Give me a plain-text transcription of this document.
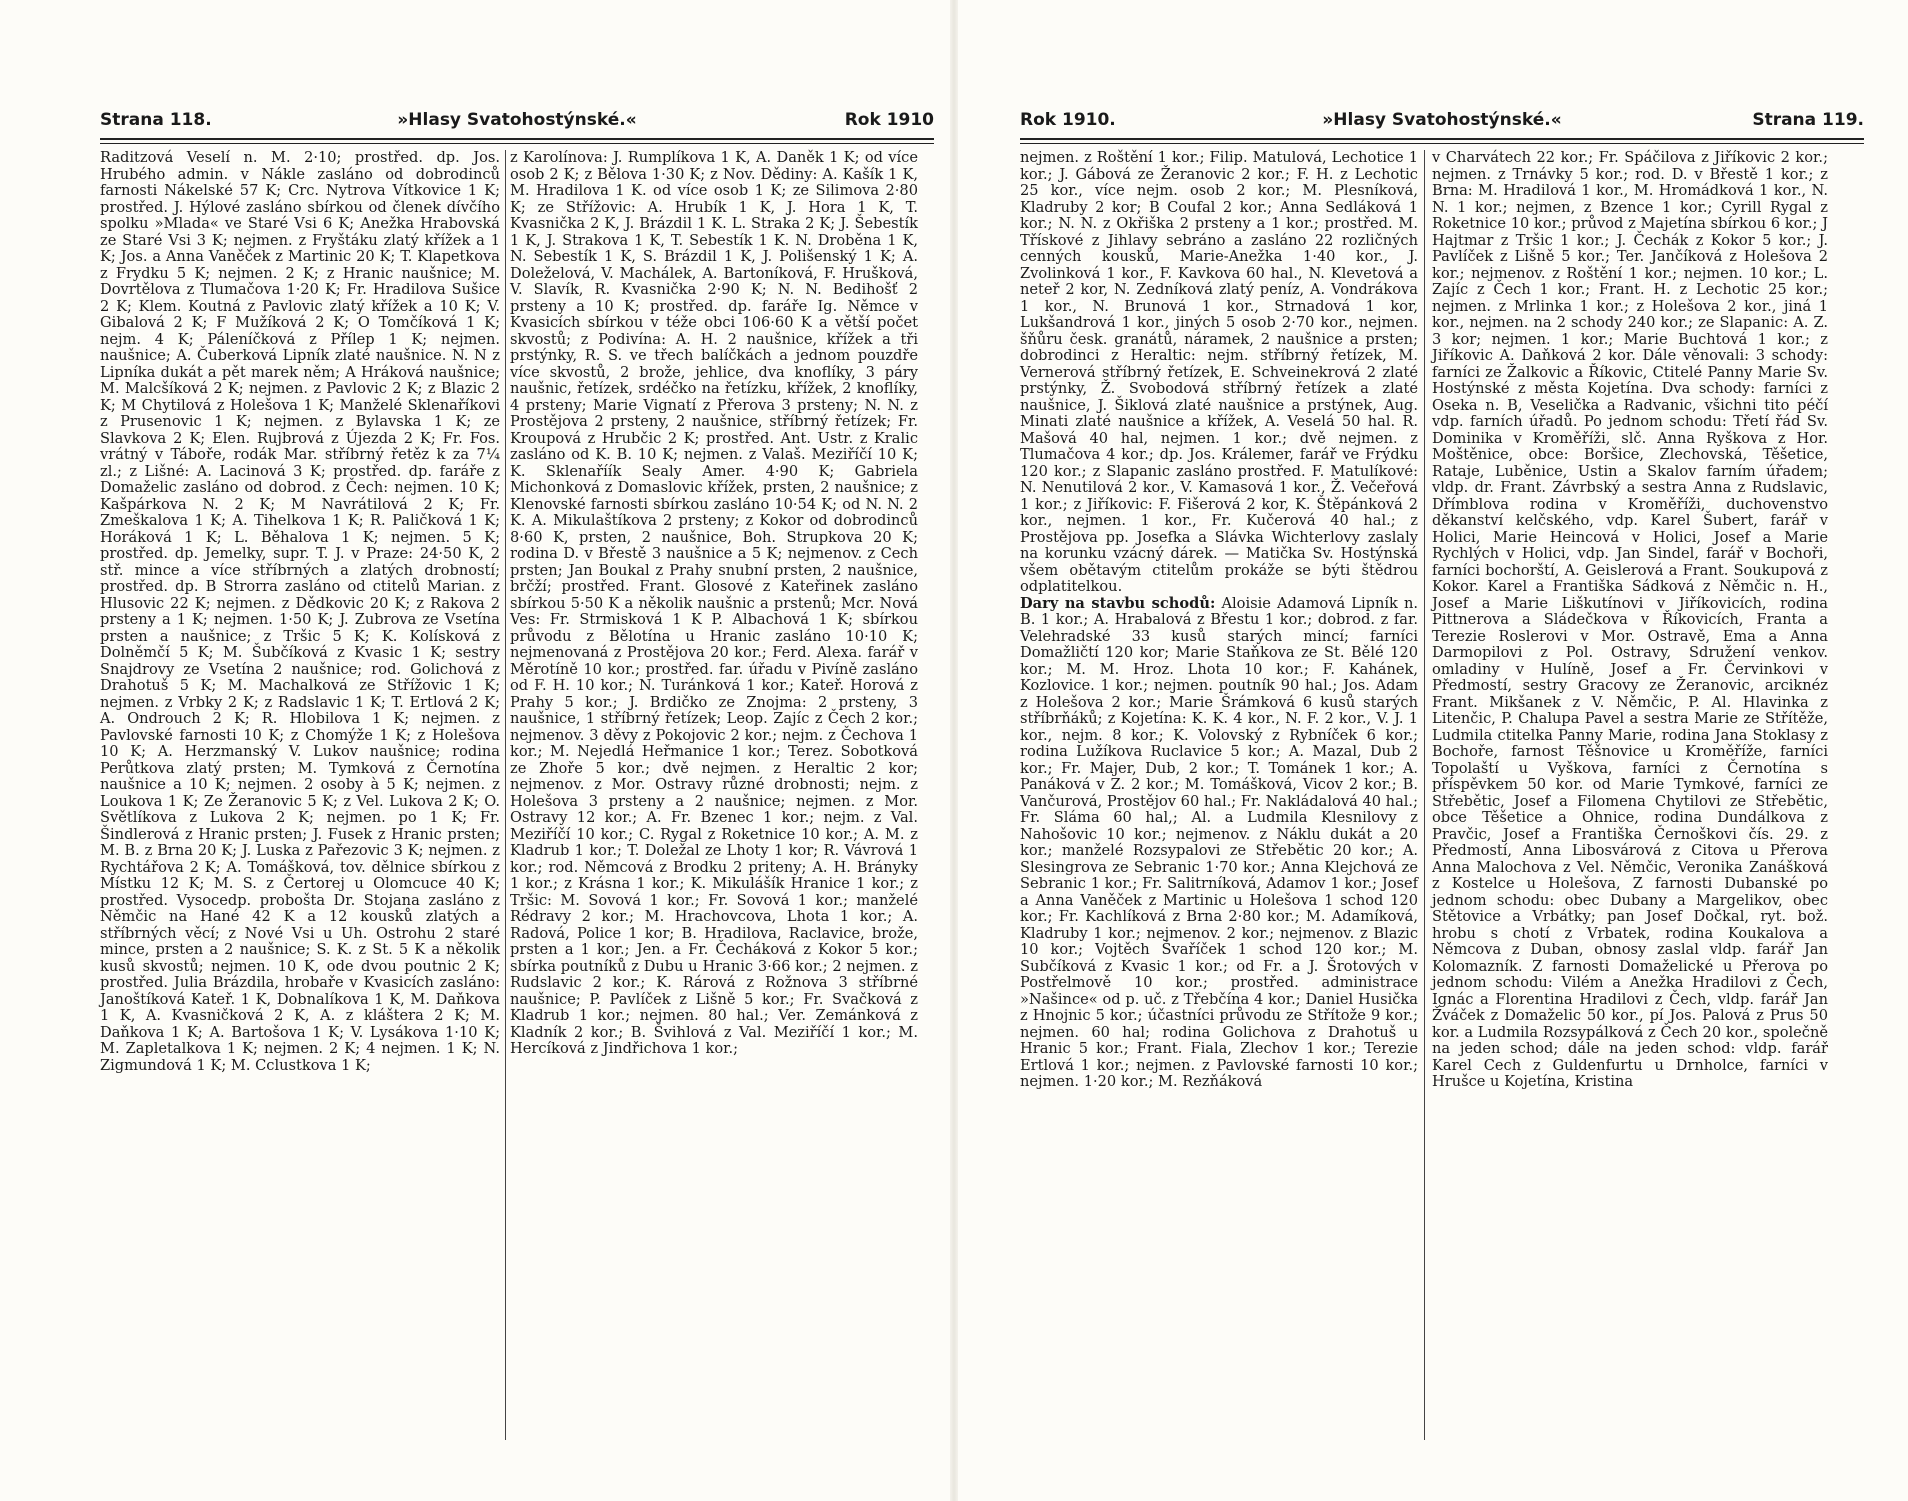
Strana 118.	»Hlasy Svatohostýnské.«	Rok 1910

Raditzová Veselí n. M. 2·10; prostřed. dp. Jos. Hrubého admin. v Nákle zasláno od dobrodinců farnosti Nákelské 57 K; Crc. Nytrova Vítkovice 1 K; prostřed. J. Hýlové zasláno sbírkou od členek dívčího spolku »Mlada« ve Staré Vsi 6 K; Anežka Hrabovská ze Staré Vsi 3 K; nejmen. z Fryštáku zlatý křížek a 1 K; Jos. a Anna Vaněček z Martinic 20 K; T. Klapetkova z Frydku 5 K; nejmen. 2 K; z Hranic naušnice; M. Dovrtělova z Tlumačova 1·20 K; Fr. Hradilova Sušice 2 K; Klem. Koutná z Pavlovic zlatý křížek a 10 K; V. Gibalová 2 K; F Mužíková 2 K; O Tomčíková 1 K; nejm. 4 K; Páleníčková z Přílep 1 K; nejmen. naušnice; A. Čuberková Lipník zlaté naušnice. N. N z Lipníka dukát a pět marek něm; A Hráková naušnice; M. Malcšíková 2 K; nejmen. z Pavlovic 2 K; z Blazic 2 K; M Chytilová z Holešova 1 K; Manželé Sklenaříkovi z Prusenovic 1 K; nejmen. z Bylavska 1 K; ze Slavkova 2 K; Elen. Rujbrová z Újezda 2 K; Fr. Fos. vrátný v Táboře, rodák Mar. stříbrný řetěz k za 7¼ zl.; z Lišné: A. Lacinová 3 K; prostřed. dp. faráře z Domaželic zasláno od dobrod. z Čech: nejmen. 10 K; Kašpárkova N. 2 K; M Navrátilová 2 K; Fr. Zmeškalova 1 K; A. Tihelkova 1 K; R. Paličková 1 K; Horáková 1 K; L. Běhalova 1 K; nejmen. 5 K; prostřed. dp. Jemelky, supr. T. J. v Praze: 24·50 K, 2 stř. mince a více stříbrných a zlatých drobností; prostřed. dp. B Strorra zasláno od ctitelů Marian. z Hlusovic 22 K; nejmen. z Dědkovic 20 K; z Rakova 2 prsteny a 1 K; nejmen. 1·50 K; J. Zubrova ze Vsetína prsten a naušnice; z Tršic 5 K; K. Kolísková z Dolněmčí 5 K; M. Šubčíková z Kvasic 1 K; sestry Snajdrovy ze Vsetína 2 naušnice; rod. Golichová z Drahotuš 5 K; M. Machalková ze Střížovic 1 K; nejmen. z Vrbky 2 K; z Radslavic 1 K; T. Ertlová 2 K; A. Ondrouch 2 K; R. Hlobilova 1 K; nejmen. z Pavlovské farnosti 10 K; z Chomýže 1 K; z Holešova 10 K; A. Herzmanský V. Lukov naušnice; rodina Perůtkova zlatý prsten; M. Tymková z Černotína naušnice a 10 K; nejmen. 2 osoby à 5 K; nejmen. z Loukova 1 K; Ze Žeranovic 5 K; z Vel. Lukova 2 K; O. Světlíkova z Lukova 2 K; nejmen. po 1 K; Fr. Šindlerová z Hranic prsten; J. Fusek z Hranic prsten; M. B. z Brna 20 K; J. Luska z Pařezovic 3 K; nejmen. z Rychtářova 2 K; A. Tomášková, tov. dělnice sbírkou z Místku 12 K; M. S. z Čertorej u Olomcuce 40 K; prostřed. Vysocedp. probošta Dr. Stojana zasláno z Němčic na Hané 42 K a 12 kousků zlatých a stříbrných věcí; z Nové Vsi u Uh. Ostrohu 2 staré mince, prsten a 2 naušnice; S. K. z St. 5 K a několik kusů skvostů; nejmen. 10 K, ode dvou poutnic 2 K; prostřed. Julia Brázdila, hrobaře v Kvasicích zasláno: Janoštíková Kateř. 1 K, Dobnalíkova 1 K, M. Daňkova 1 K, A. Kvasničková 2 K, A. z kláštera 2 K; M. Daňkova 1 K; A. Bartošova 1 K; V. Lysákova 1·10 K; M. Zapletalkova 1 K; nejmen. 2 K; 4 nejmen. 1 K; N. Zigmundová 1 K; M. Cclustkova 1 K;

z Karolínova: J. Rumplíkova 1 K, A. Daněk 1 K; od více osob 2 K; z Bělova 1·30 K; z Nov. Dědiny: A. Kašík 1 K, M. Hradilova 1 K. od více osob 1 K; ze Silimova 2·80 K; ze Střížovic: A. Hrubík 1 K, J. Hora 1 K, T. Kvasnička 2 K, J. Brázdil 1 K. L. Straka 2 K; J. Šebestík 1 K, J. Strakova 1 K, T. Sebestík 1 K. N. Droběna 1 K, N. Sebestík 1 K, S. Brázdil 1 K, J. Polišenský 1 K; A. Doleželová, V. Machálek, A. Bartoníková, F. Hrušková, V. Slavík, R. Kvasnička 2·90 K; N. N. Bedihošť 2 prsteny a 10 K; prostřed. dp. faráře Ig. Němce v Kvasicích sbírkou v téže obci 106·60 K a větší počet skvostů; z Podivína: A. H. 2 naušnice, křížek a tři prstýnky, R. S. ve třech balíčkách a jednom pouzdře více skvostů, 2 brože, jehlice, dva knoflíky, 3 páry naušnic, řetízek, srdéčko na řetízku, křížek, 2 knoflíky, 4 prsteny; Marie Vignatí z Přerova 3 prsteny; N. N. z Prostějova 2 prsteny, 2 naušnice, stříbrný řetízek; Fr. Kroupová z Hrubčic 2 K; prostřed. Ant. Ustr. z Kralic zasláno od K. B. 10 K; nejmen. z Valaš. Meziříčí 10 K; K. Sklenaříík Sealy Amer. 4·90 K; Gabriela Michonková z Domaslovic křížek, prsten, 2 naušnice; z Klenovské farnosti sbírkou zasláno 10·54 K; od N. N. 2 K. A. Mikulaštíkova 2 prsteny; z Kokor od dobrodinců 8·60 K, prsten, 2 naušnice, Boh. Strupkova 20 K; rodina D. v Břestě 3 naušnice a 5 K; nejmenov. z Cech prsten; Jan Boukal z Prahy snubní prsten, 2 naušnice, brčží; prostřed. Frant. Glosové z Kateřinek zasláno sbírkou 5·50 K a několik naušnic a prstenů; Mcr. Nová Ves: Fr. Strmisková 1 K P. Albachová 1 K; sbírkou průvodu z Bělotína u Hranic zasláno 10·10 K; nejmenovaná z Prostějova 20 kor.; Ferd. Alexa. farář v Měrotíně 10 kor.; prostřed. far. úřadu v Pivíně zasláno od F. H. 10 kor.; N. Turánková 1 kor.; Kateř. Horová z Prahy 5 kor.; J. Brdičko ze Znojma: 2 prsteny, 3 naušnice, 1 stříbrný řetízek; Leop. Zajíc z Čech 2 kor.; nejmenov. 3 děvy z Pokojovic 2 kor.; nejm. z Čechova 1 kor.; M. Nejedlá Heřmanice 1 kor.; Terez. Sobotková ze Zhoře 5 kor.; dvě nejmen. z Heraltic 2 kor; nejmenov. z Mor. Ostravy různé drobnosti; nejm. z Holešova 3 prsteny a 2 naušnice; nejmen. z Mor. Ostravy 12 kor.; A. Fr. Bzenec 1 kor.; nejm. z Val. Meziříčí 10 kor.; C. Rygal z Roketnice 10 kor.; A. M. z Kladrub 1 kor.; T. Doležal ze Lhoty 1 kor; R. Vávrová 1 kor.; rod. Němcová z Brodku 2 priteny; A. H. Brányky 1 kor.; z Krásna 1 kor.; K. Mikulášík Hranice 1 kor.; z Tršic: M. Sovová 1 kor.; Fr. Sovová 1 kor.; manželé Rédravy 2 kor.; M. Hrachovcova, Lhota 1 kor.; A. Radová, Police 1 kor; B. Hradilova, Raclavice, brože, prsten a 1 kor.; Jen. a Fr. Čecháková z Kokor 5 kor.; sbírka poutníků z Dubu u Hranic 3·66 kor.; 2 nejmen. z Rudslavic 2 kor.; K. Rárová z Rožnova 3 stříbrné naušnice; P. Pavlíček z Lišně 5 kor.; Fr. Svačková z Kladrub 1 kor.; nejmen. 80 hal.; Ver. Zemánková z Kladník 2 kor.; B. Švihlová z Val. Meziříčí 1 kor.; M. Hercíková z Jindřichova 1 kor.;

Rok 1910.	»Hlasy Svatohostýnské.«	Strana 119.

nejmen. z Roštění 1 kor.; Filip. Matulová, Lechotice 1 kor.; J. Gábová ze Žeranovic 2 kor.; F. H. z Lechotic 25 kor., více nejm. osob 2 kor.; M. Plesníková, Kladruby 2 kor; B Coufal 2 kor.; Anna Sedláková 1 kor.; N. N. z Okřiška 2 prsteny a 1 kor.; prostřed. M. Třískové z Jihlavy sebráno a zasláno 22 rozličných cenných kousků, Marie-Anežka 1·40 kor., J. Zvolinková 1 kor., F. Kavkova 60 hal., N. Klevetová a neteř 2 kor, N. Zedníková zlatý peníz, A. Vondrákova 1 kor., N. Brunová 1 kor., Strnadová 1 kor, Lukšandrová 1 kor., jiných 5 osob 2·70 kor., nejmen. šňůru česk. granátů, náramek, 2 naušnice a prsten; dobrodinci z Heraltic: nejm. stříbrný řetízek, M. Vernerová stříbrný řetízek, E. Schveinekrová 2 zlaté prstýnky, Ž. Svobodová stříbrný řetízek a zlaté naušnice, J. Šiklová zlaté naušnice a prstýnek, Aug. Minati zlaté naušnice a křížek, A. Veselá 50 hal. R. Mašová 40 hal, nejmen. 1 kor.; dvě nejmen. z Tlumačova 4 kor.; dp. Jos. Králemer, farář ve Frýdku 120 kor.; z Slapanic zasláno prostřed. F. Matulíkové: N. Nenutilová 2 kor., V. Kamasová 1 kor., Ž. Večeřová 1 kor.; z Jiříkovic: F. Fišerová 2 kor, K. Štěpánková 2 kor., nejmen. 1 kor., Fr. Kučerová 40 hal.; z Prostějova pp. Josefka a Slávka Wichterlovy zaslaly na korunku vzácný dárek. — Matička Sv. Hostýnská všem obětavým ctitelům prokáže se býti štědrou odplatitelkou.

Dary na stavbu schodů: Aloisie Adamová Lipník n. B. 1 kor.; A. Hrabalová z Břestu 1 kor.; dobrod. z far. Velehradské 33 kusů starých mincí; farníci Domažličtí 120 kor; Marie Staňkova ze St. Bělé 120 kor.; M. M. Hroz. Lhota 10 kor.; F. Kahánek, Kozlovice. 1 kor.; nejmen. poutník 90 hal.; Jos. Adam z Holešova 2 kor.; Marie Šrámková 6 kusů starých stříbrňáků; z Kojetína: K. K. 4 kor., N. F. 2 kor., V. J. 1 kor., nejm. 8 kor.; K. Volovský z Rybníček 6 kor.; rodina Lužíkova Ruclavice 5 kor.; A. Mazal, Dub 2 kor.; Fr. Majer, Dub, 2 kor.; T. Tománek 1 kor.; A. Panáková v Z. 2 kor.; M. Tomášková, Vicov 2 kor.; B. Vančurová, Prostějov 60 hal.; Fr. Nakládalová 40 hal.; Fr. Sláma 60 hal,; Al. a Ludmila Klesnilovy z Nahošovic 10 kor.; nejmenov. z Náklu dukát a 20 kor.; manželé Rozsypalovi ze Střebětic 20 kor.; A. Slesingrova ze Sebranic 1·70 kor.; Anna Klejchová ze Sebranic 1 kor.; Fr. Salitrníková, Adamov 1 kor.; Josef a Anna Vaněček z Martinic u Holešova 1 schod 120 kor.; Fr. Kachlíková z Brna 2·80 kor.; M. Adamíková, Kladruby 1 kor.; nejmenov. 2 kor.; nejmenov. z Blazic 10 kor.; Vojtěch Švaříček 1 schod 120 kor.; M. Subčíková z Kvasic 1 kor.; od Fr. a J. Šrotových v Postřelmově 10 kor.; prostřed. administrace »Našince« od p. uč. z Třebčína 4 kor.; Daniel Husička z Hnojnic 5 kor.; účastníci průvodu ze Střítože 9 kor.; nejmen. 60 hal; rodina Golichova z Drahotuš u Hranic 5 kor.; Frant. Fiala, Zlechov 1 kor.; Terezie Ertlová 1 kor.; nejmen. z Pavlovské farnosti 10 kor.; nejmen. 1·20 kor.; M. Rezňáková

v Charvátech 22 kor.; Fr. Spáčilova z Jiříkovic 2 kor.; nejmen. z Trnávky 5 kor.; rod. D. v Břestě 1 kor.; z Brna: M. Hradilová 1 kor., M. Hromádková 1 kor., N. N. 1 kor.; nejmen, z Bzence 1 kor.; Cyrill Rygal z Roketnice 10 kor.; průvod z Majetína sbírkou 6 kor.; J Hajtmar z Tršic 1 kor.; J. Čechák z Kokor 5 kor.; J. Pavlíček z Lišně 5 kor.; Ter. Jančíková z Holešova 2 kor.; nejmenov. z Roštění 1 kor.; nejmen. 10 kor.; L. Zajíc z Čech 1 kor.; Frant. H. z Lechotic 25 kor.; nejmen. z Mrlinka 1 kor.; z Holešova 2 kor., jiná 1 kor., nejmen. na 2 schody 240 kor.; ze Slapanic: A. Z. 3 kor; nejmen. 1 kor.; Marie Buchtová 1 kor.; z Jiříkovic A. Daňková 2 kor. Dále věnovali: 3 schody: farníci ze Žalkovic a Říkovic, Ctitelé Panny Marie Sv. Hostýnské z města Kojetína. Dva schody: farníci z Oseka n. B, Veselička a Radvanic, všichni tito péčí vdp. farních úřadů. Po jednom schodu: Třetí řád Sv. Dominika v Kroměříži, slč. Anna Ryškova z Hor. Moštěnice, obce: Boršice, Zlechovská, Těšetice, Rataje, Luběnice, Ustin a Skalov farním úřadem; vldp. dr. Frant. Závrbský a sestra Anna z Rudslavic, Dřímblova rodina v Kroměříži, duchovenstvo děkanství kelčského, vdp. Karel Šubert, farář v Holici, Marie Heincová v Holici, Josef a Marie Rychlých v Holici, vdp. Jan Sindel, farář v Bochoři, farníci bochorští, A. Geislerová a Frant. Soukupová z Kokor. Karel a Františka Sádková z Němčic n. H., Josef a Marie Liškutínovi v Jiříkovicích, rodina Pittnerova a Sládečkova v Říkovicích, Franta a Terezie Roslerovi v Mor. Ostravě, Ema a Anna Darmopilovi z Pol. Ostravy, Sdružení venkov. omladiny v Hulíně, Josef a Fr. Červinkovi v Předmostí, sestry Gracovy ze Žeranovic, arciknéz Frant. Mikšanek z V. Němčic, P. Al. Hlavinka z Litenčic, P. Chalupa Pavel a sestra Marie ze Střítěže, Ludmila ctitelka Panny Marie, rodina Jana Stoklasy z Bochoře, farnost Těšnovice u Kroměříže, farníci Topolaští u Vyškova, farníci z Černotína s příspěvkem 50 kor. od Marie Tymkové, farníci ze Střebětic, Josef a Filomena Chytilovi ze Střebětic, obce Těšetice a Ohnice, rodina Dundálkova z Pravčic, Josef a Františka Černoškovi čís. 29. z Předmostí, Anna Libosvárová z Citova u Přerova Anna Malochova z Vel. Němčic, Veronika Zanášková z Kostelce u Holešova, Z farnosti Dubanské po jednom schodu: obec Dubany a Margelikov, obec Stětovice a Vrbátky; pan Josef Dočkal, ryt. bož. hrobu s chotí z Vrbatek, rodina Koukalova a Němcova z Duban, obnosy zaslal vldp. farář Jan Kolomazník. Z farnosti Domaželické u Přerova po jednom schodu: Vilém a Anežka Hradilovi z Čech, Ignác a Florentina Hradilovi z Čech, vldp. farář Jan Žváček z Domaželic 50 kor., pí Jos. Palová z Prus 50 kor. a Ludmila Rozsypálková z Čech 20 kor., společně na jeden schod; dále na jeden schod: vldp. farář Karel Cech z Guldenfurtu u Drnholce, farníci v Hrušce u Kojetína, Kristina
